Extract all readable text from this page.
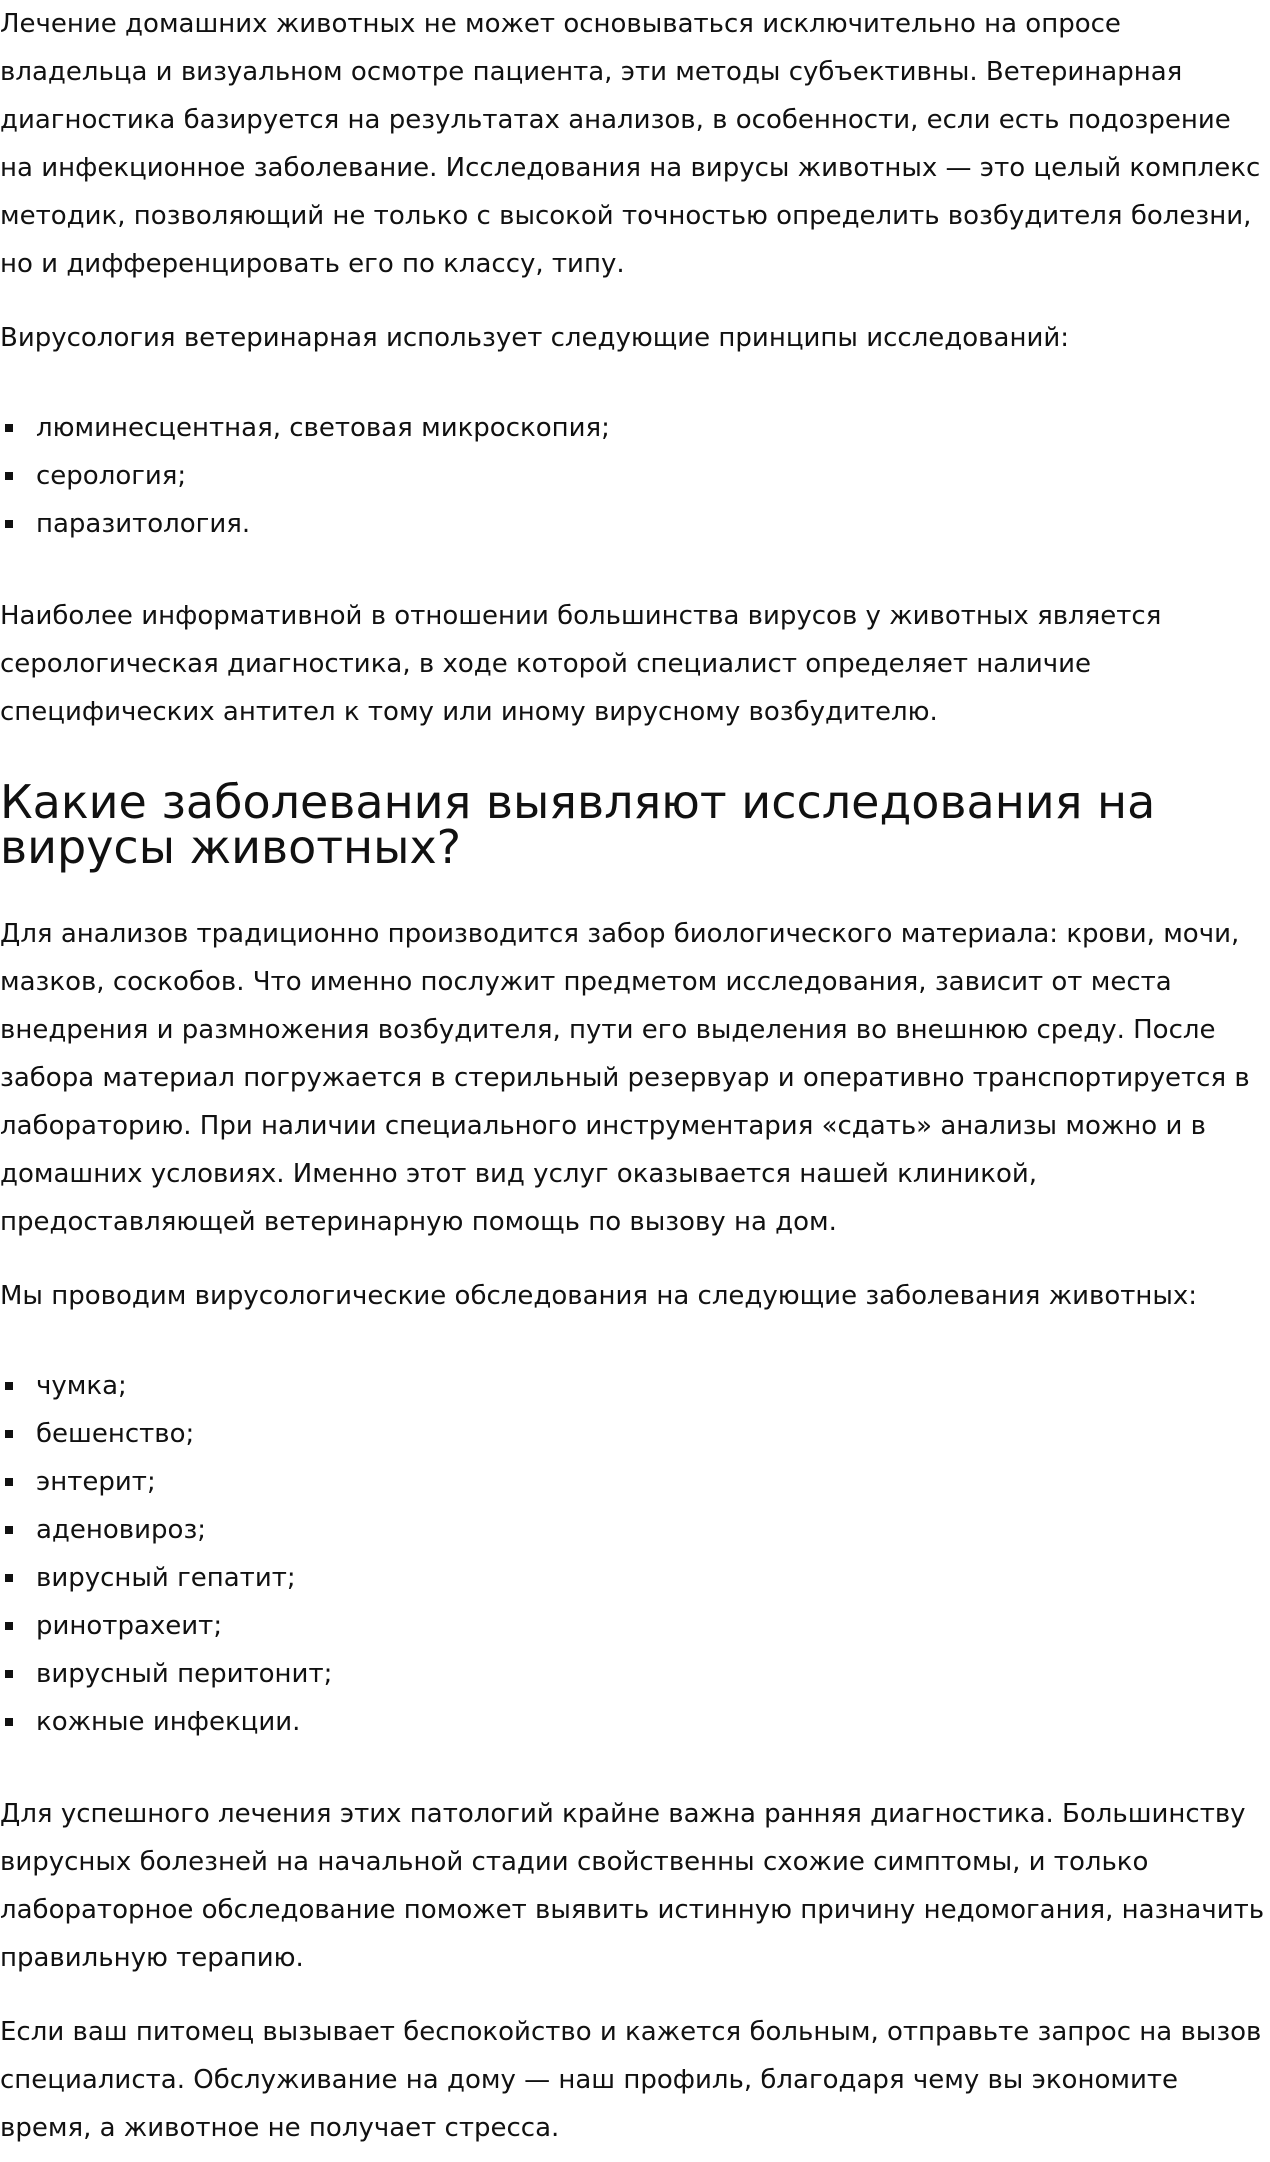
Лечение домашних животных не может основываться исключительно на опросе владельца и визуальном осмотре пациента, эти методы субъективны. Ветеринарная диагностика базируется на результатах анализов, в особенности, если есть подозрение на инфекционное заболевание. Исследования на вирусы животных — это целый комплекс методик, позволяющий не только с высокой точностью определить возбудителя болезни, но и дифференцировать его по классу, типу.

Вирусология ветеринарная использует следующие принципы исследований:

люминесцентная, световая микроскопия;
серология;
паразитология.

Наиболее информативной в отношении большинства вирусов у животных является серологическая диагностика, в ходе которой специалист определяет наличие специфических антител к тому или иному вирусному возбудителю.

Какие заболевания выявляют исследования на вирусы животных?

Для анализов традиционно производится забор биологического материала: крови, мочи, мазков, соскобов. Что именно послужит предметом исследования, зависит от места внедрения и размножения возбудителя, пути его выделения во внешнюю среду. После забора материал погружается в стерильный резервуар и оперативно транспортируется в лабораторию. При наличии специального инструментария «сдать» анализы можно и в домашних условиях. Именно этот вид услуг оказывается нашей клиникой, предоставляющей ветеринарную помощь по вызову на дом.

Мы проводим вирусологические обследования на следующие заболевания животных:

чумка;
бешенство;
энтерит;
аденовироз;
вирусный гепатит;
ринотрахеит;
вирусный перитонит;
кожные инфекции.

Для успешного лечения этих патологий крайне важна ранняя диагностика. Большинству вирусных болезней на начальной стадии свойственны схожие симптомы, и только лабораторное обследование поможет выявить истинную причину недомогания, назначить правильную терапию.

Если ваш питомец вызывает беспокойство и кажется больным, отправьте запрос на вызов специалиста. Обслуживание на дому — наш профиль, благодаря чему вы экономите время, а животное не получает стресса.
